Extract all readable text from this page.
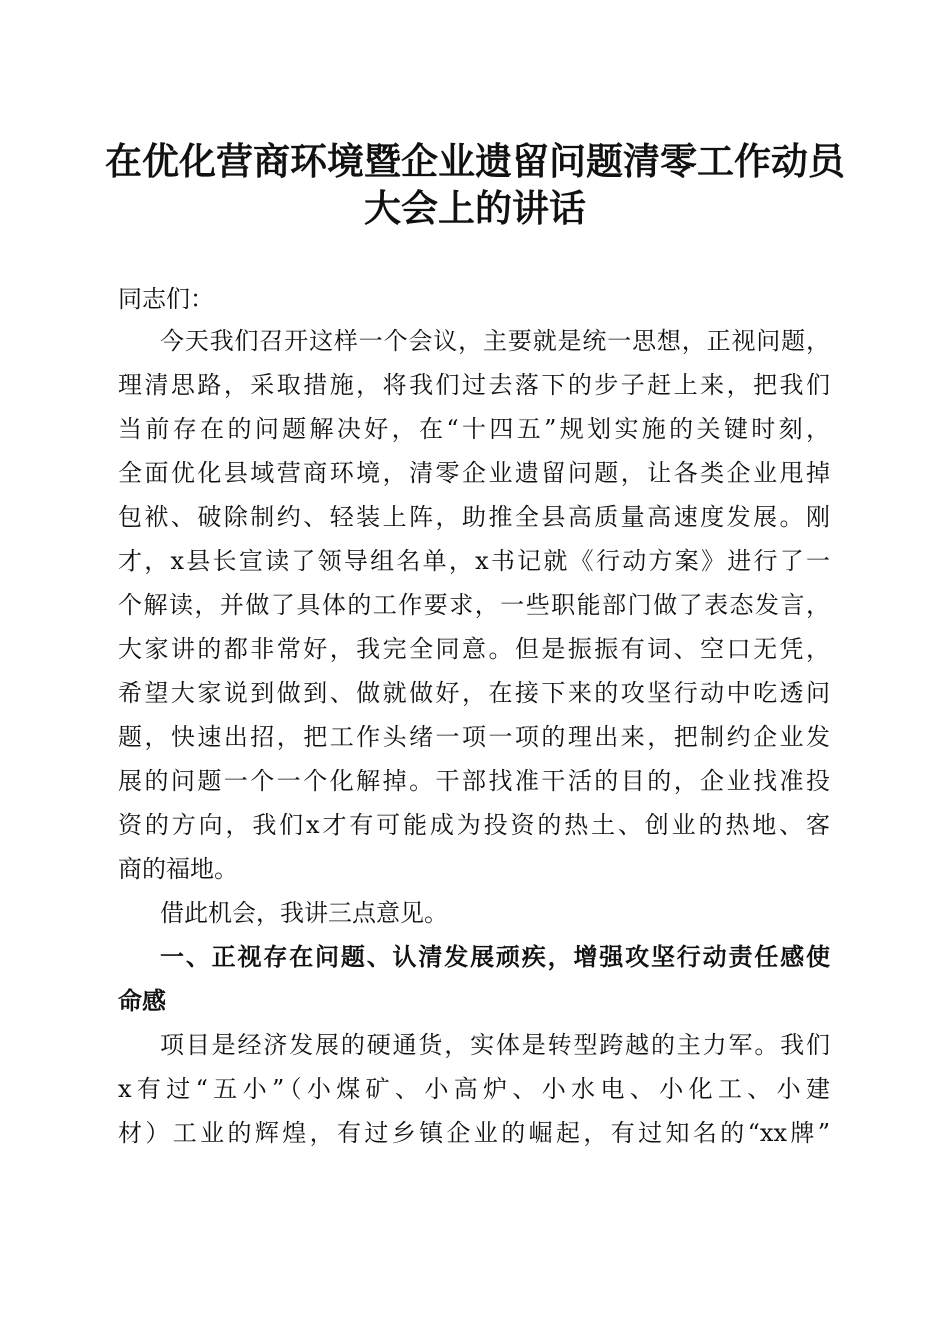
在优化营商环境暨企业遗留问题清零工作动员
大会上的讲话

同志们：

今天我们召开这样一个会议，主要就是统一思想，正视问题，

理清思路，采取措施，将我们过去落下的步子赶上来，把我们

当前存在的问题解决好，在“十四五”规划实施的关键时刻，

全面优化县域营商环境，清零企业遗留问题，让各类企业甩掉

包袱、破除制约、轻装上阵，助推全县高质量高速度发展。刚

才，x县长宣读了领导组名单，x书记就《行动方案》进行了一

个解读，并做了具体的工作要求，一些职能部门做了表态发言，

大家讲的都非常好，我完全同意。但是振振有词、空口无凭，

希望大家说到做到、做就做好，在接下来的攻坚行动中吃透问

题，快速出招，把工作头绪一项一项的理出来，把制约企业发

展的问题一个一个化解掉。干部找准干活的目的，企业找准投

资的方向，我们x才有可能成为投资的热土、创业的热地、客

商的福地。

借此机会，我讲三点意见。

一、正视存在问题、认清发展顽疾，增强攻坚行动责任感使
命感

项目是经济发展的硬通货，实体是转型跨越的主力军。我们

x有过“五小”（小煤矿、小高炉、小水电、小化工、小建

材）工业的辉煌，有过乡镇企业的崛起，有过知名的“xx牌”
